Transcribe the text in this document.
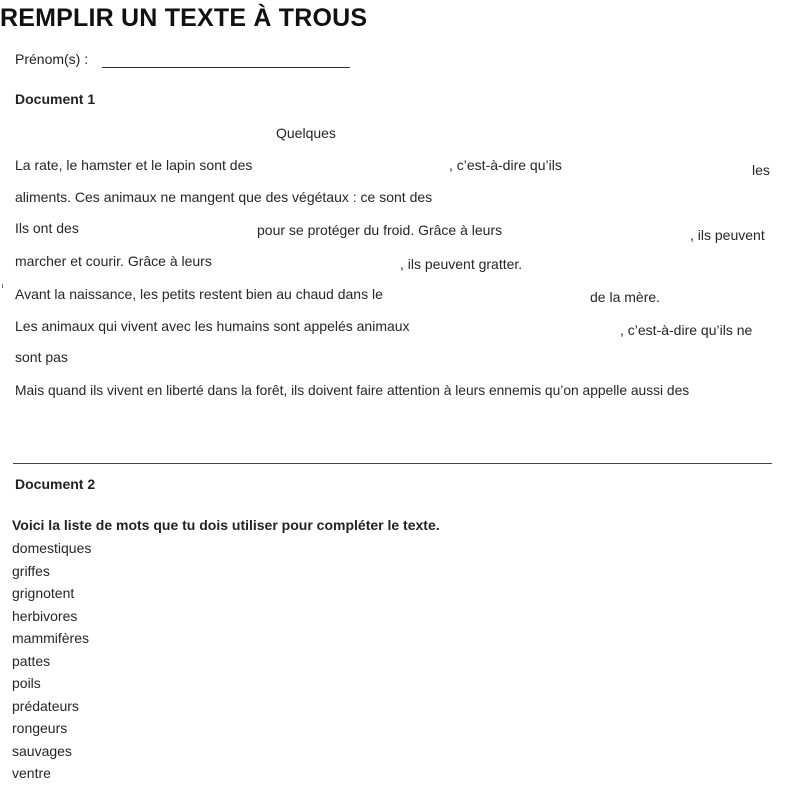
REMPLIR UN TEXTE À TROUS
Prénom(s) :
Document 1
Quelques
La rate, le hamster et le lapin sont des	, c’est-à-dire qu’ils	les
aliments. Ces animaux ne mangent que des végétaux : ce sont des
Ils ont des	pour se protéger du froid. Grâce à leurs	, ils peuvent
marcher et courir. Grâce à leurs	, ils peuvent gratter.
Avant la naissance, les petits restent bien au chaud dans le	de la mère.
Les animaux qui vivent avec les humains sont appelés animaux	, c’est-à-dire qu’ils ne
sont pas
Mais quand ils vivent en liberté dans la forêt, ils doivent faire attention à leurs ennemis qu’on appelle aussi des
Document 2
Voici la liste de mots que tu dois utiliser pour compléter le texte.
domestiques
griffes
grignotent
herbivores
mammifères
pattes
poils
prédateurs
rongeurs
sauvages
ventre
